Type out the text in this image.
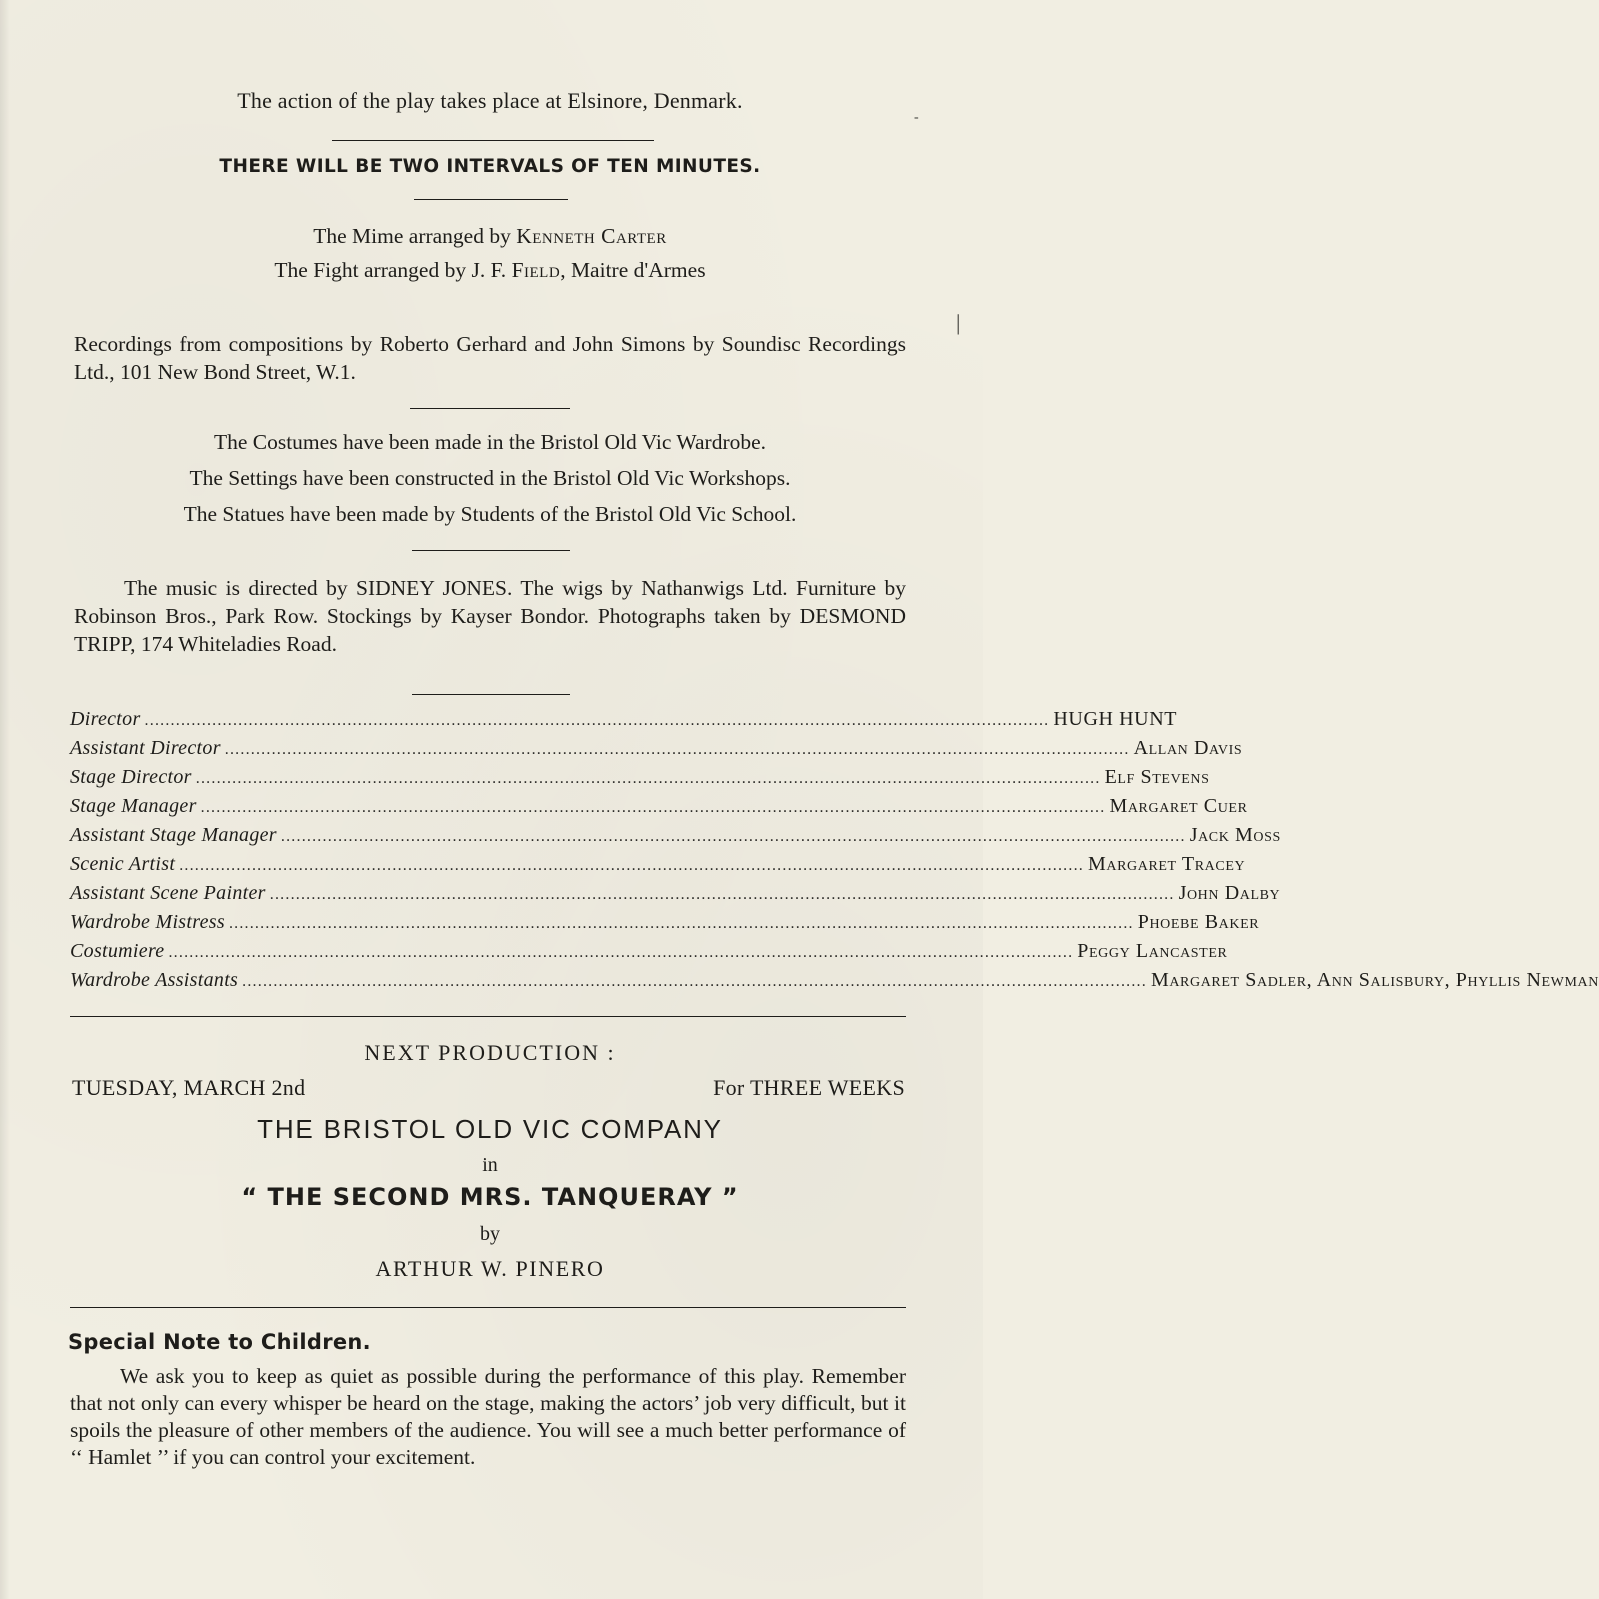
The action of the play takes place at Elsinore, Denmark.
THERE WILL BE TWO INTERVALS OF TEN MINUTES.
The Mime arranged by Kenneth Carter
The Fight arranged by J. F. Field, Maitre d'Armes
Recordings from compositions by Roberto Gerhard and John Simons by Soundisc Recordings Ltd., 101 New Bond Street, W.1.
The Costumes have been made in the Bristol Old Vic Wardrobe.
The Settings have been constructed in the Bristol Old Vic Workshops.
The Statues have been made by Students of the Bristol Old Vic School.
The music is directed by SIDNEY JONES. The wigs by Nathanwigs Ltd. Furniture by Robinson Bros., Park Row. Stockings by Kayser Bondor. Photographs taken by DESMOND TRIPP, 174 Whiteladies Road.
Director .............................................................................................................................................................................. HUGH HUNT
Assistant Director .............................................................................................................................................................................. Allan Davis
Stage Director .............................................................................................................................................................................. Elf Stevens
Stage Manager .............................................................................................................................................................................. Margaret Cuer
Assistant Stage Manager .............................................................................................................................................................................. Jack Moss
Scenic Artist .............................................................................................................................................................................. Margaret Tracey
Assistant Scene Painter .............................................................................................................................................................................. John Dalby
Wardrobe Mistress .............................................................................................................................................................................. Phoebe Baker
Costumiere .............................................................................................................................................................................. Peggy Lancaster
Wardrobe Assistants .............................................................................................................................................................................. Margaret Sadler, Ann Salisbury, Phyllis Newman
NEXT PRODUCTION :
TUESDAY, MARCH 2nd	For THREE WEEKS
THE BRISTOL OLD VIC COMPANY
in
“ THE SECOND MRS. TANQUERAY ”
by
ARTHUR W. PINERO
Special Note to Children.
We ask you to keep as quiet as possible during the performance of this play. Remember that not only can every whisper be heard on the stage, making the actors’ job very difficult, but it spoils the pleasure of other members of the audience. You will see a much better performance of ‘‘ Hamlet ’’ if you can control your excitement.
-
|
